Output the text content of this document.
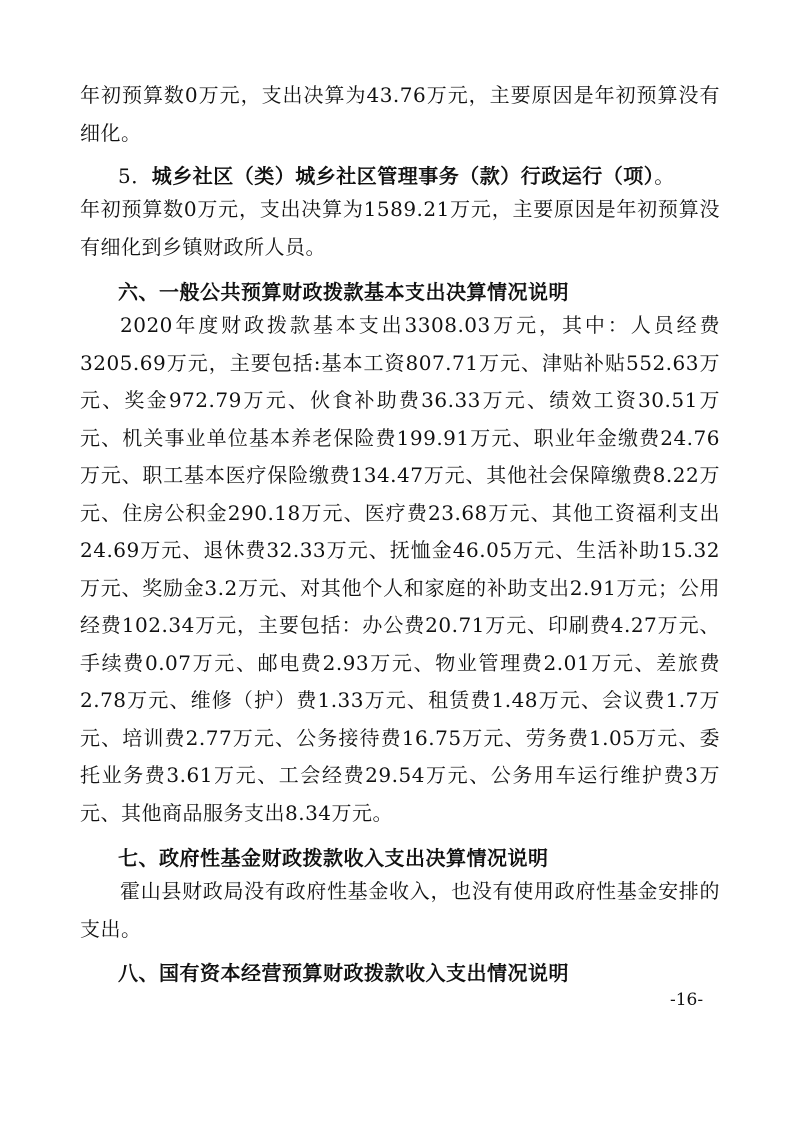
年初预算数0万元，支出决算为43.76万元，主要原因是年初预算没有细化。

5．城乡社区（类）城乡社区管理事务（款）行政运行（项）。

年初预算数0万元，支出决算为1589.21万元，主要原因是年初预算没有细化到乡镇财政所人员。

六、一般公共预算财政拨款基本支出决算情况说明

2020年度财政拨款基本支出3308.03万元，其中：人员经费3205.69万元，主要包括:基本工资807.71万元、津贴补贴552.63万元、奖金972.79万元、伙食补助费36.33万元、绩效工资30.51万元、机关事业单位基本养老保险费199.91万元、职业年金缴费24.76万元、职工基本医疗保险缴费134.47万元、其他社会保障缴费8.22万元、住房公积金290.18万元、医疗费23.68万元、其他工资福利支出24.69万元、退休费32.33万元、抚恤金46.05万元、生活补助15.32万元、奖励金3.2万元、对其他个人和家庭的补助支出2.91万元；公用经费102.34万元，主要包括：办公费20.71万元、印刷费4.27万元、手续费0.07万元、邮电费2.93万元、物业管理费2.01万元、差旅费2.78万元、维修（护）费1.33万元、租赁费1.48万元、会议费1.7万元、培训费2.77万元、公务接待费16.75万元、劳务费1.05万元、委托业务费3.61万元、工会经费29.54万元、公务用车运行维护费3万元、其他商品服务支出8.34万元。

七、政府性基金财政拨款收入支出决算情况说明

霍山县财政局没有政府性基金收入，也没有使用政府性基金安排的支出。

八、国有资本经营预算财政拨款收入支出情况说明

-16-
